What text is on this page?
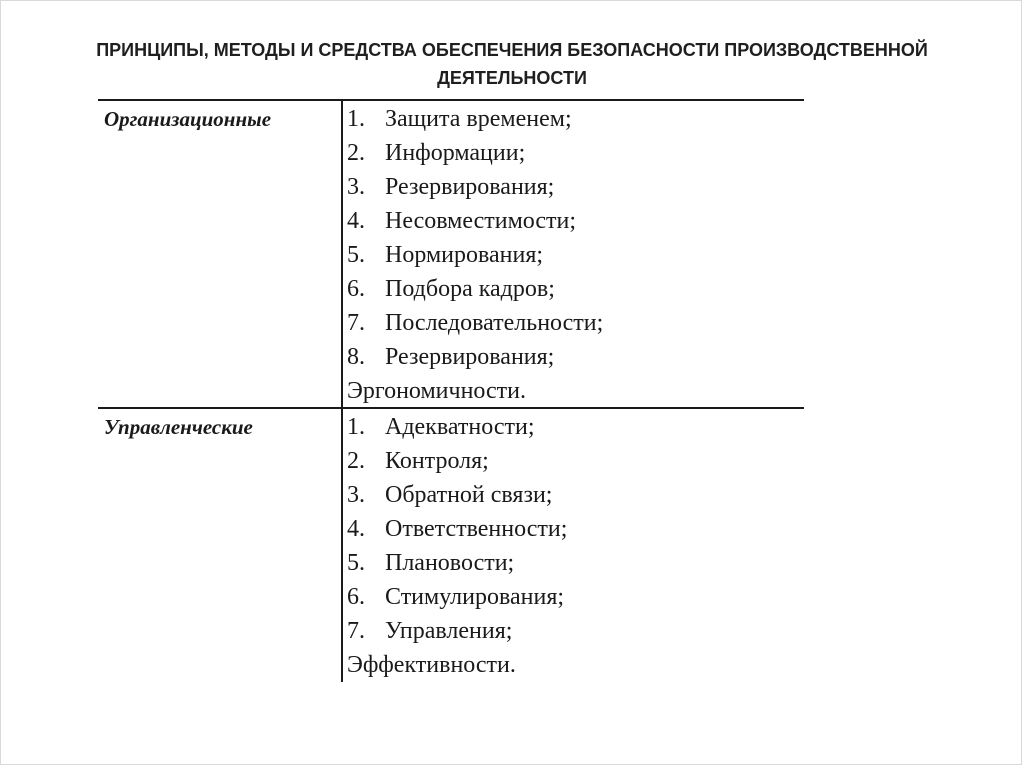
ПРИНЦИПЫ, МЕТОДЫ И СРЕДСТВА ОБЕСПЕЧЕНИЯ БЕЗОПАСНОСТИ ПРОИЗВОДСТВЕННОЙ ДЕЯТЕЛЬНОСТИ
Организационные	1. Защита временем;
2. Информации;
3. Резервирования;
4. Несовместимости;
5. Нормирования;
6. Подбора кадров;
7. Последовательности;
8. Резервирования;
Эргономичности.
Управленческие	1. Адекватности;
2. Контроля;
3. Обратной связи;
4. Ответственности;
5. Плановости;
6. Стимулирования;
7. Управления;
Эффективности.
